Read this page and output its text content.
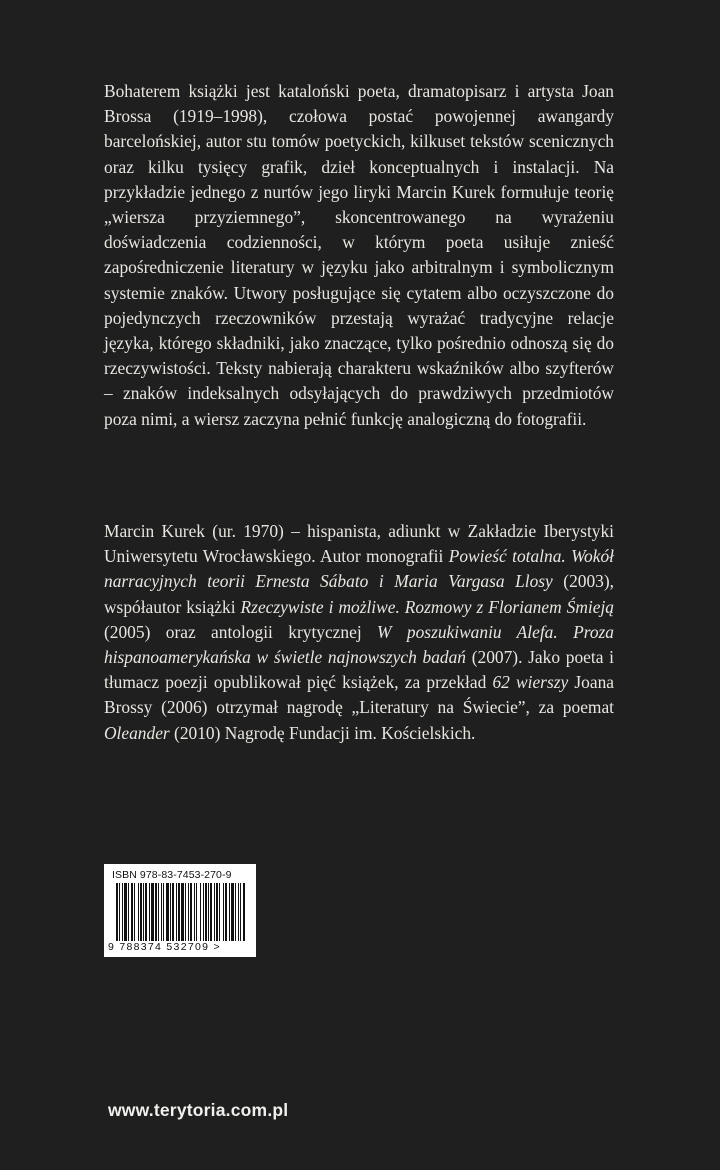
Bohaterem książki jest kataloński poeta, dramatopisarz i artysta Joan Brossa (1919–1998), czołowa postać powojennej awangardy barcelońskiej, autor stu tomów poetyckich, kilkuset tekstów scenicznych oraz kilku tysięcy grafik, dzieł konceptualnych i instalacji. Na przykładzie jednego z nurtów jego liryki Marcin Kurek formułuje teorię „wiersza przyziemnego”, skoncentrowanego na wyrażeniu doświadczenia codzienności, w którym poeta usiłuje znieść zapośredniczenie literatury w języku jako arbitralnym i symbolicznym systemie znaków. Utwory posługujące się cytatem albo oczyszczone do pojedynczych rzeczowników przestają wyrażać tradycyjne relacje języka, którego składniki, jako znaczące, tylko pośrednio odnoszą się do rzeczywistości. Teksty nabierają charakteru wskaźników albo szyfterów – znaków indeksalnych odsyłających do prawdziwych przedmiotów poza nimi, a wiersz zaczyna pełnić funkcję analogiczną do fotografii.
Marcin Kurek (ur. 1970) – hispanista, adiunkt w Zakładzie Iberystyki Uniwersytetu Wrocławskiego. Autor monografii Powieść totalna. Wokół narracyjnych teorii Ernesta Sábato i Maria Vargasa Llosy (2003), współautor książki Rzeczywiste i możliwe. Rozmowy z Florianem Śmieją (2005) oraz antologii krytycznej W poszukiwaniu Alefa. Proza hispanoamerykańska w świetle najnowszych badań (2007). Jako poeta i tłumacz poezji opublikował pięć książek, za przekład 62 wierszy Joana Brossy (2006) otrzymał nagrodę „Literatury na Świecie”, za poemat Oleander (2010) Nagrodę Fundacji im. Kościelskich.
ISBN 978-83-7453-270-9
9 788374 532709 >
www.terytoria.com.pl
